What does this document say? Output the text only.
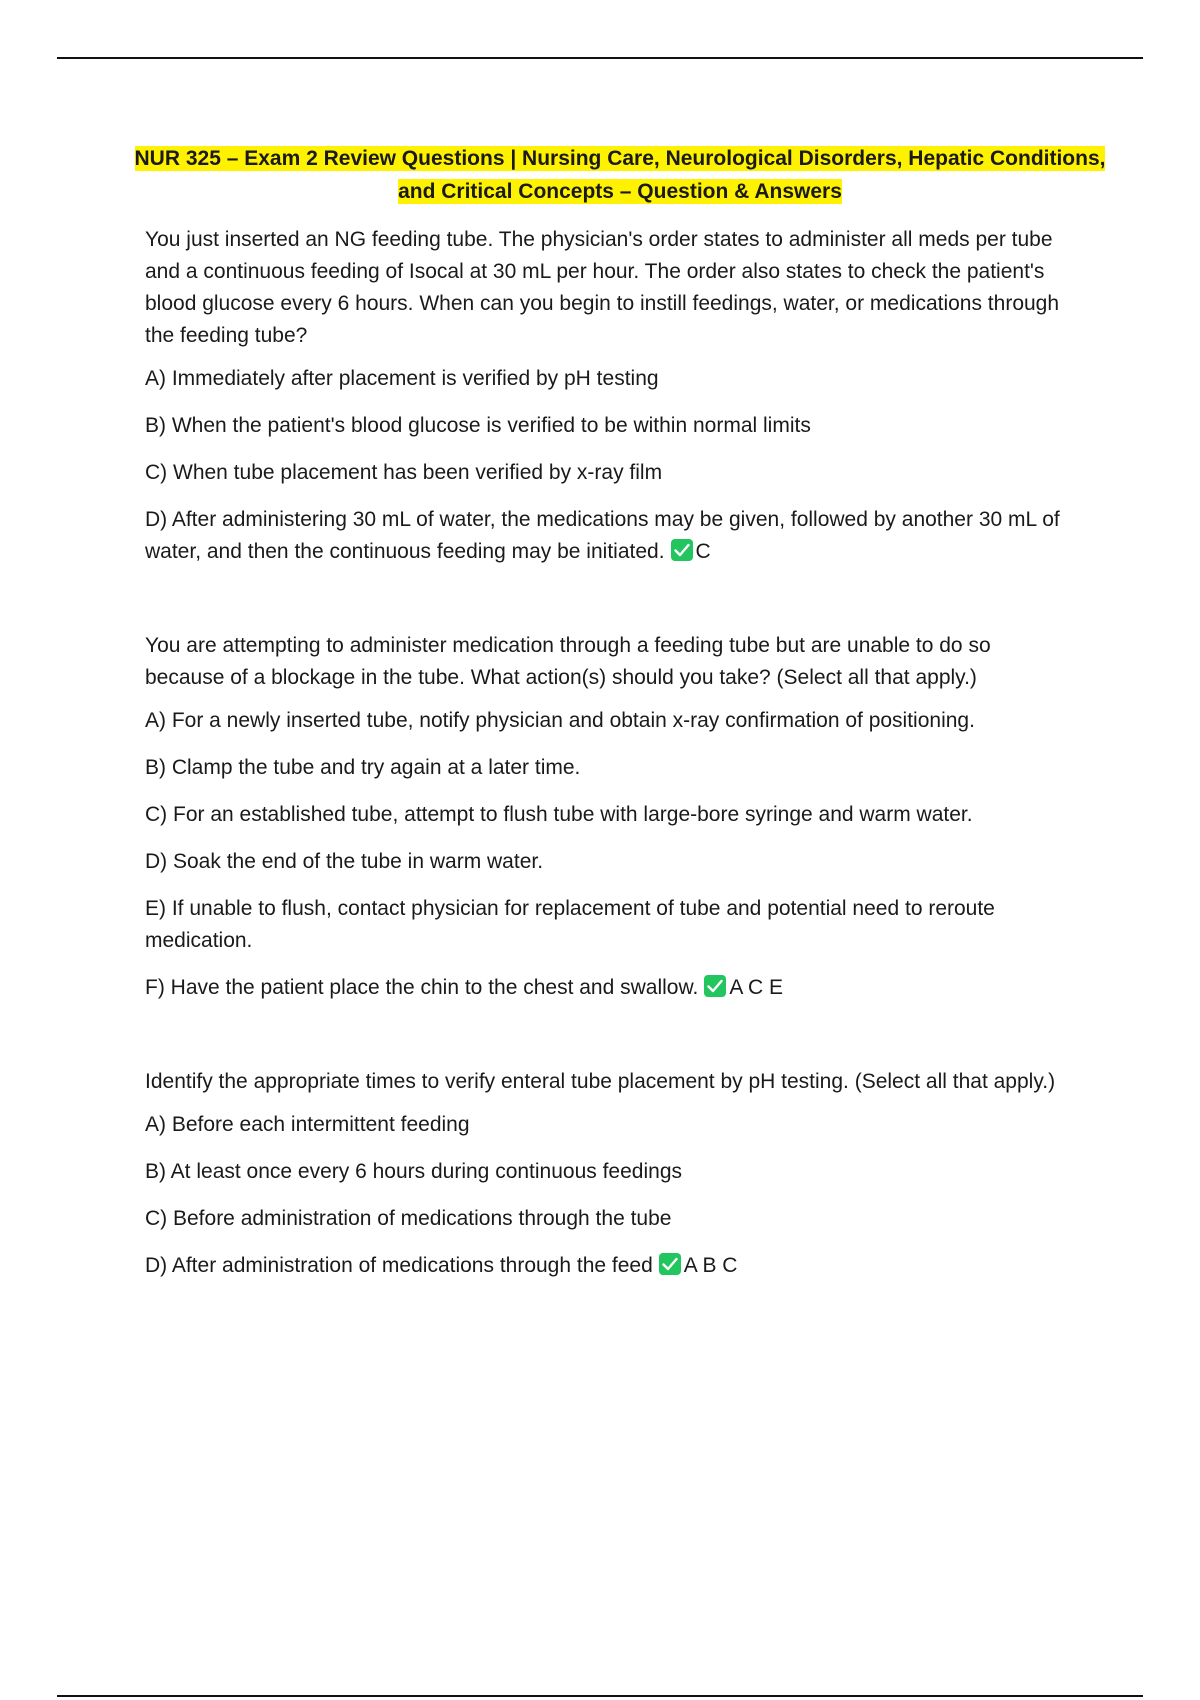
NUR 325 – Exam 2 Review Questions | Nursing Care, Neurological Disorders, Hepatic Conditions, and Critical Concepts – Question & Answers

You just inserted an NG feeding tube. The physician's order states to administer all meds per tube and a continuous feeding of Isocal at 30 mL per hour. The order also states to check the patient's blood glucose every 6 hours. When can you begin to instill feedings, water, or medications through the feeding tube?

A) Immediately after placement is verified by pH testing

B) When the patient's blood glucose is verified to be within normal limits

C) When tube placement has been verified by x-ray film

D) After administering 30 mL of water, the medications may be given, followed by another 30 mL of water, and then the continuous feeding may be initiated. C

You are attempting to administer medication through a feeding tube but are unable to do so because of a blockage in the tube. What action(s) should you take? (Select all that apply.)

A) For a newly inserted tube, notify physician and obtain x-ray confirmation of positioning.

B) Clamp the tube and try again at a later time.

C) For an established tube, attempt to flush tube with large-bore syringe and warm water.

D) Soak the end of the tube in warm water.

E) If unable to flush, contact physician for replacement of tube and potential need to reroute medication.

F) Have the patient place the chin to the chest and swallow. A C E

Identify the appropriate times to verify enteral tube placement by pH testing. (Select all that apply.)

A) Before each intermittent feeding

B) At least once every 6 hours during continuous feedings

C) Before administration of medications through the tube

D) After administration of medications through the feed A B C
